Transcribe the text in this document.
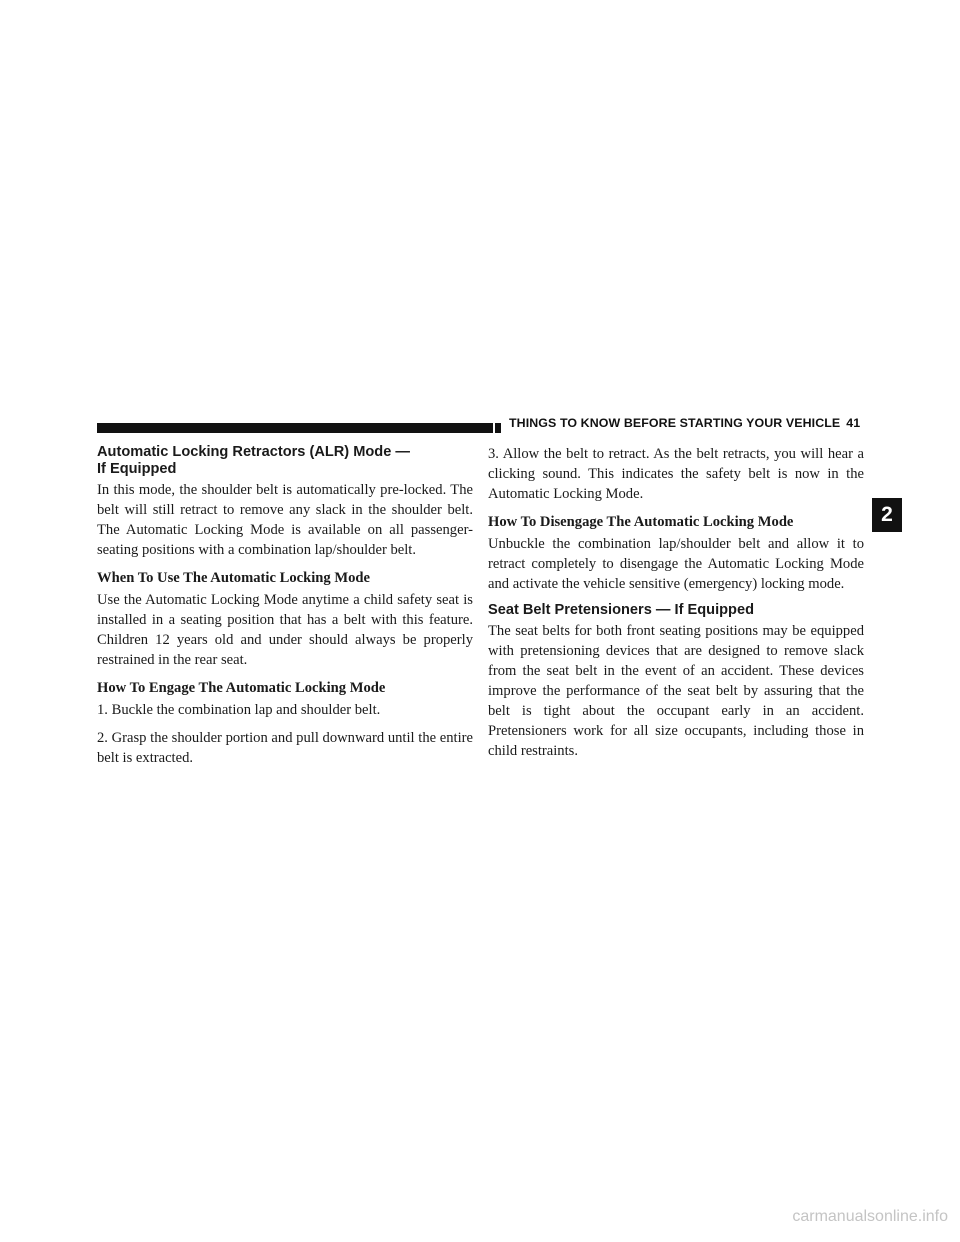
THINGS TO KNOW BEFORE STARTING YOUR VEHICLE 41
2
Automatic Locking Retractors (ALR) Mode —
If Equipped

In this mode, the shoulder belt is automatically pre-locked. The belt will still retract to remove any slack in the shoulder belt. The Automatic Locking Mode is available on all passenger-seating positions with a combination lap/shoulder belt.

When To Use The Automatic Locking Mode

Use the Automatic Locking Mode anytime a child safety seat is installed in a seating position that has a belt with this feature. Children 12 years old and under should always be properly restrained in the rear seat.

How To Engage The Automatic Locking Mode

1. Buckle the combination lap and shoulder belt.

2. Grasp the shoulder portion and pull downward until the entire belt is extracted.

3. Allow the belt to retract. As the belt retracts, you will hear a clicking sound. This indicates the safety belt is now in the Automatic Locking Mode.

How To Disengage The Automatic Locking Mode

Unbuckle the combination lap/shoulder belt and allow it to retract completely to disengage the Automatic Locking Mode and activate the vehicle sensitive (emergency) locking mode.

Seat Belt Pretensioners — If Equipped

The seat belts for both front seating positions may be equipped with pretensioning devices that are designed to remove slack from the seat belt in the event of an accident. These devices improve the performance of the seat belt by assuring that the belt is tight about the occupant early in an accident. Pretensioners work for all size occupants, including those in child restraints.

carmanualsonline.info
